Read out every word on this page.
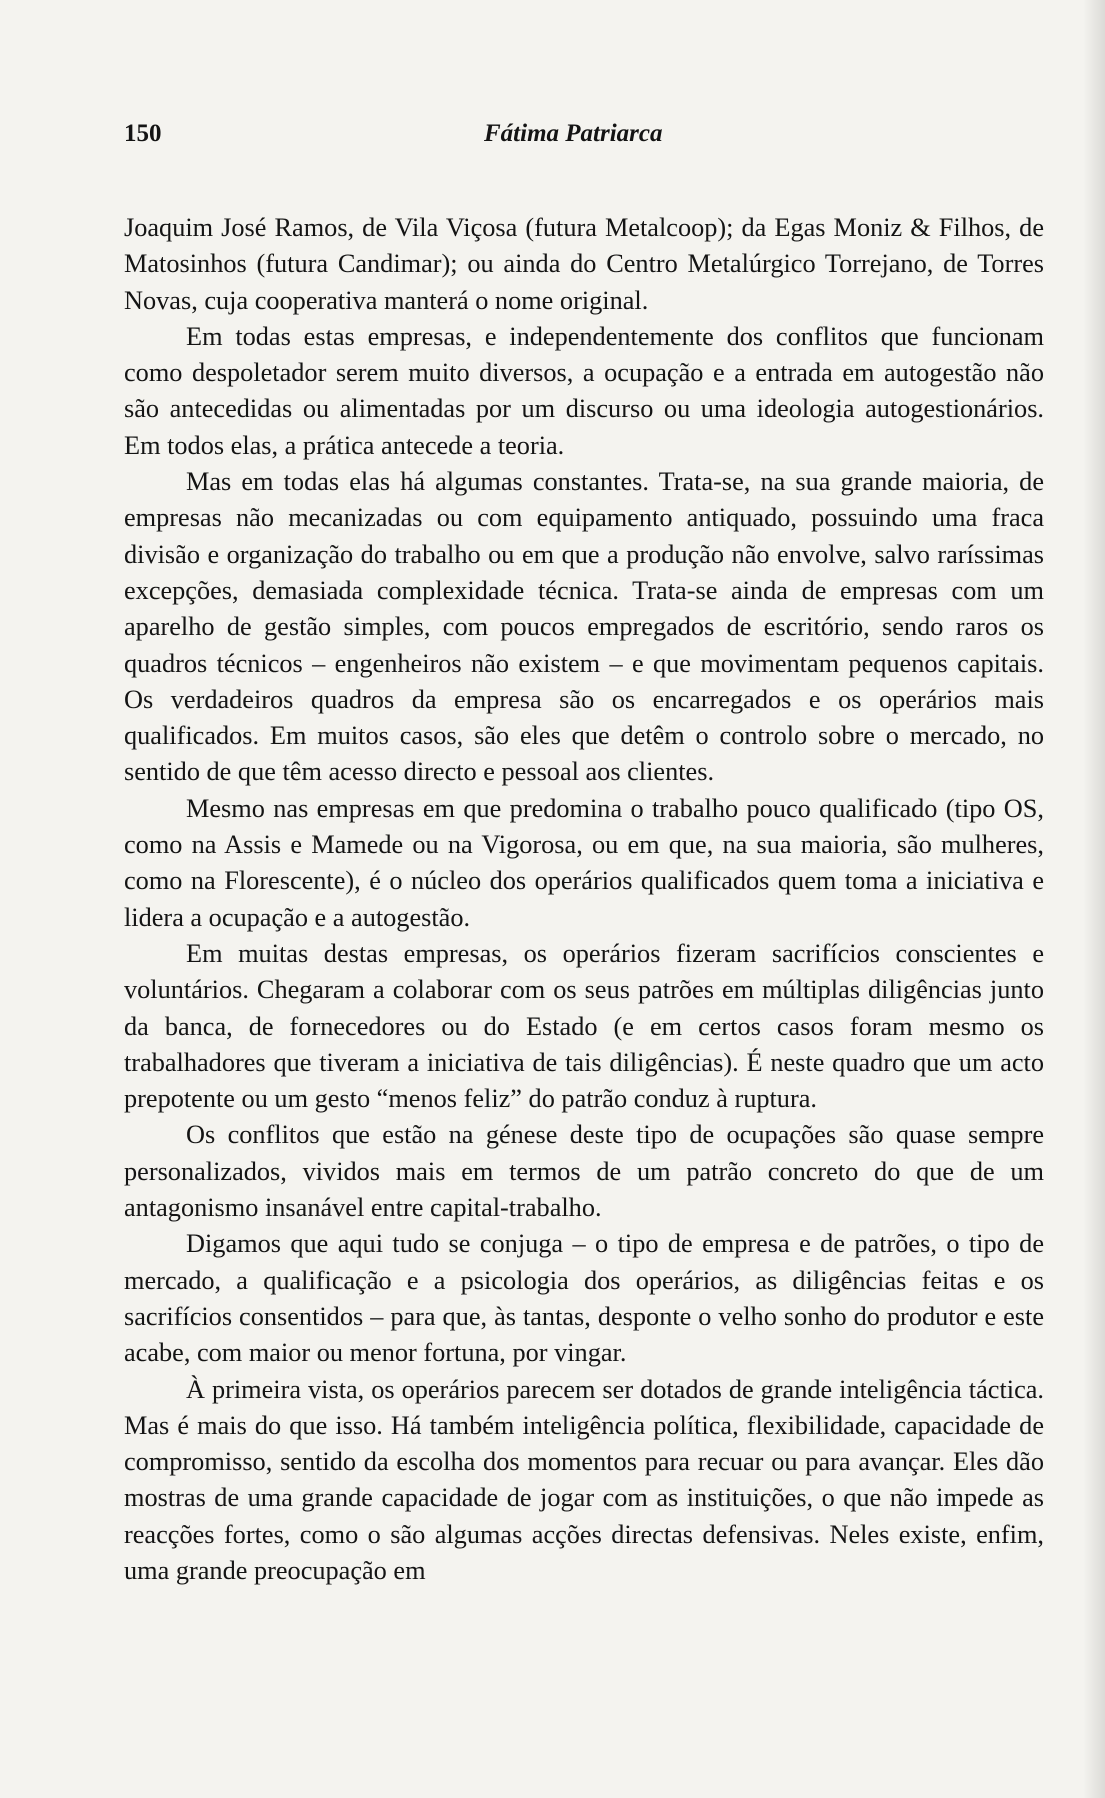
150	Fátima Patriarca

Joaquim José Ramos, de Vila Viçosa (futura Metalcoop); da Egas Moniz & Filhos, de Matosinhos (futura Candimar); ou ainda do Centro Metalúrgico Torrejano, de Torres Novas, cuja cooperativa manterá o nome original.

Em todas estas empresas, e independentemente dos conflitos que funcionam como despoletador serem muito diversos, a ocupação e a entrada em autogestão não são antecedidas ou alimentadas por um discurso ou uma ideologia autogestionários. Em todos elas, a prática antecede a teoria.

Mas em todas elas há algumas constantes. Trata-se, na sua grande maioria, de empresas não mecanizadas ou com equipamento antiquado, possuindo uma fraca divisão e organização do trabalho ou em que a produção não envolve, salvo raríssimas excepções, demasiada complexidade técnica. Trata-se ainda de empresas com um aparelho de gestão simples, com poucos empregados de escritório, sendo raros os quadros técnicos – engenheiros não existem – e que movimentam pequenos capitais. Os verdadeiros quadros da empresa são os encarregados e os operários mais qualificados. Em muitos casos, são eles que detêm o controlo sobre o mercado, no sentido de que têm acesso directo e pessoal aos clientes.

Mesmo nas empresas em que predomina o trabalho pouco qualificado (tipo OS, como na Assis e Mamede ou na Vigorosa, ou em que, na sua maioria, são mulheres, como na Florescente), é o núcleo dos operários qualificados quem toma a iniciativa e lidera a ocupação e a autogestão.

Em muitas destas empresas, os operários fizeram sacrifícios conscientes e voluntários. Chegaram a colaborar com os seus patrões em múltiplas diligências junto da banca, de fornecedores ou do Estado (e em certos casos foram mesmo os trabalhadores que tiveram a iniciativa de tais diligências). É neste quadro que um acto prepotente ou um gesto “menos feliz” do patrão conduz à ruptura.

Os conflitos que estão na génese deste tipo de ocupações são quase sempre personalizados, vividos mais em termos de um patrão concreto do que de um antagonismo insanável entre capital-trabalho.

Digamos que aqui tudo se conjuga – o tipo de empresa e de patrões, o tipo de mercado, a qualificação e a psicologia dos operários, as diligências feitas e os sacrifícios consentidos – para que, às tantas, desponte o velho sonho do produtor e este acabe, com maior ou menor fortuna, por vingar.

À primeira vista, os operários parecem ser dotados de grande inteligência táctica. Mas é mais do que isso. Há também inteligência política, flexibilidade, capacidade de compromisso, sentido da escolha dos momentos para recuar ou para avançar. Eles dão mostras de uma grande capacidade de jogar com as instituições, o que não impede as reacções fortes, como o são algumas acções directas defensivas. Neles existe, enfim, uma grande preocupação em
